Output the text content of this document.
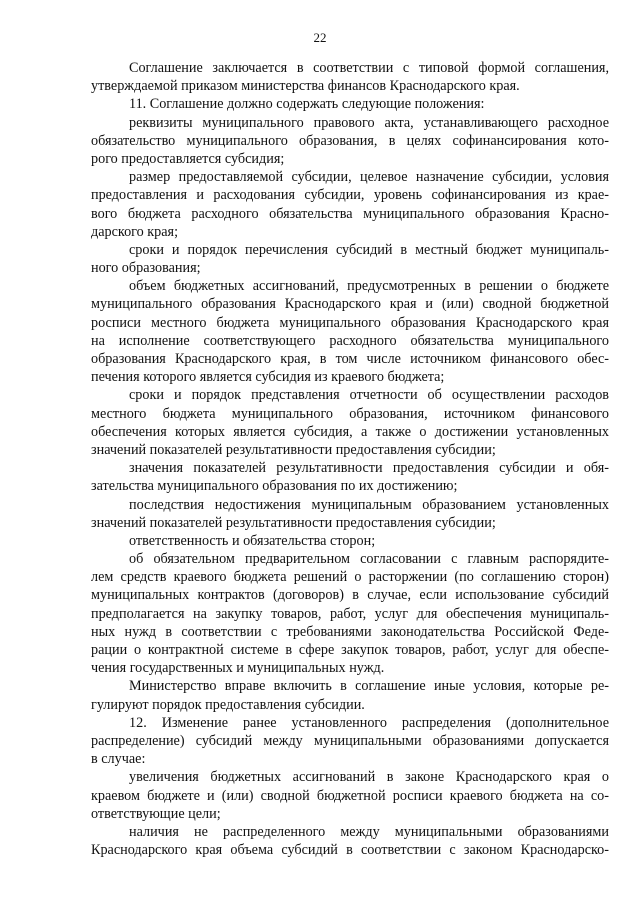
22
Соглашение заключается в соответствии с типовой формой соглашения,
утверждаемой приказом министерства финансов Краснодарского края.
11. Соглашение должно содержать следующие положения:
реквизиты муниципального правового акта, устанавливающего расходное
обязательство муниципального образования, в целях софинансирования кото-
рого предоставляется субсидия;
размер предоставляемой субсидии, целевое назначение субсидии, условия
предоставления и расходования субсидии, уровень софинансирования из краe-
вого бюджета расходного обязательства муниципального образования Красно-
дарского края;
сроки и порядок перечисления субсидий в местный бюджет муниципаль-
ного образования;
объем бюджетных ассигнований, предусмотренных в решении о бюджете
муниципального образования Краснодарского края и (или) сводной бюджетной
росписи местного бюджета муниципального образования Краснодарского края
на исполнение соответствующего расходного обязательства муниципального
образования Краснодарского края, в том числе источником финансового обес-
печения которого является субсидия из краевого бюджета;
сроки и порядок представления отчетности об осуществлении расходов
местного бюджета муниципального образования, источником финансового
обеспечения которых является субсидия, а также о достижении установленных
значений показателей результативности предоставления субсидии;
значения показателей результативности предоставления субсидии и обя-
зательства муниципального образования по их достижению;
последствия недостижения муниципальным образованием установленных
значений показателей результативности предоставления субсидии;
ответственность и обязательства сторон;
об обязательном предварительном согласовании с главным распорядите-
лем средств краевого бюджета решений о расторжении (по соглашению сторон)
муниципальных контрактов (договоров) в случае, если использование субсидий
предполагается на закупку товаров, работ, услуг для обеспечения муниципаль-
ных нужд в соответствии с требованиями законодательства Российской Феде-
рации о контрактной системе в сфере закупок товаров, работ, услуг для обеспе-
чения государственных и муниципальных нужд.
Министерство вправе включить в соглашение иные условия, которые ре-
гулируют порядок предоставления субсидии.
12. Изменение ранее установленного распределения (дополнительное
распределение) субсидий между муниципальными образованиями допускается
в случае:
увеличения бюджетных ассигнований в законе Краснодарского края о
краевом бюджете и (или) сводной бюджетной росписи краевого бюджета на со-
ответствующие цели;
наличия не распределенного между муниципальными образованиями
Краснодарского края объема субсидий в соответствии с законом Краснодарско-
